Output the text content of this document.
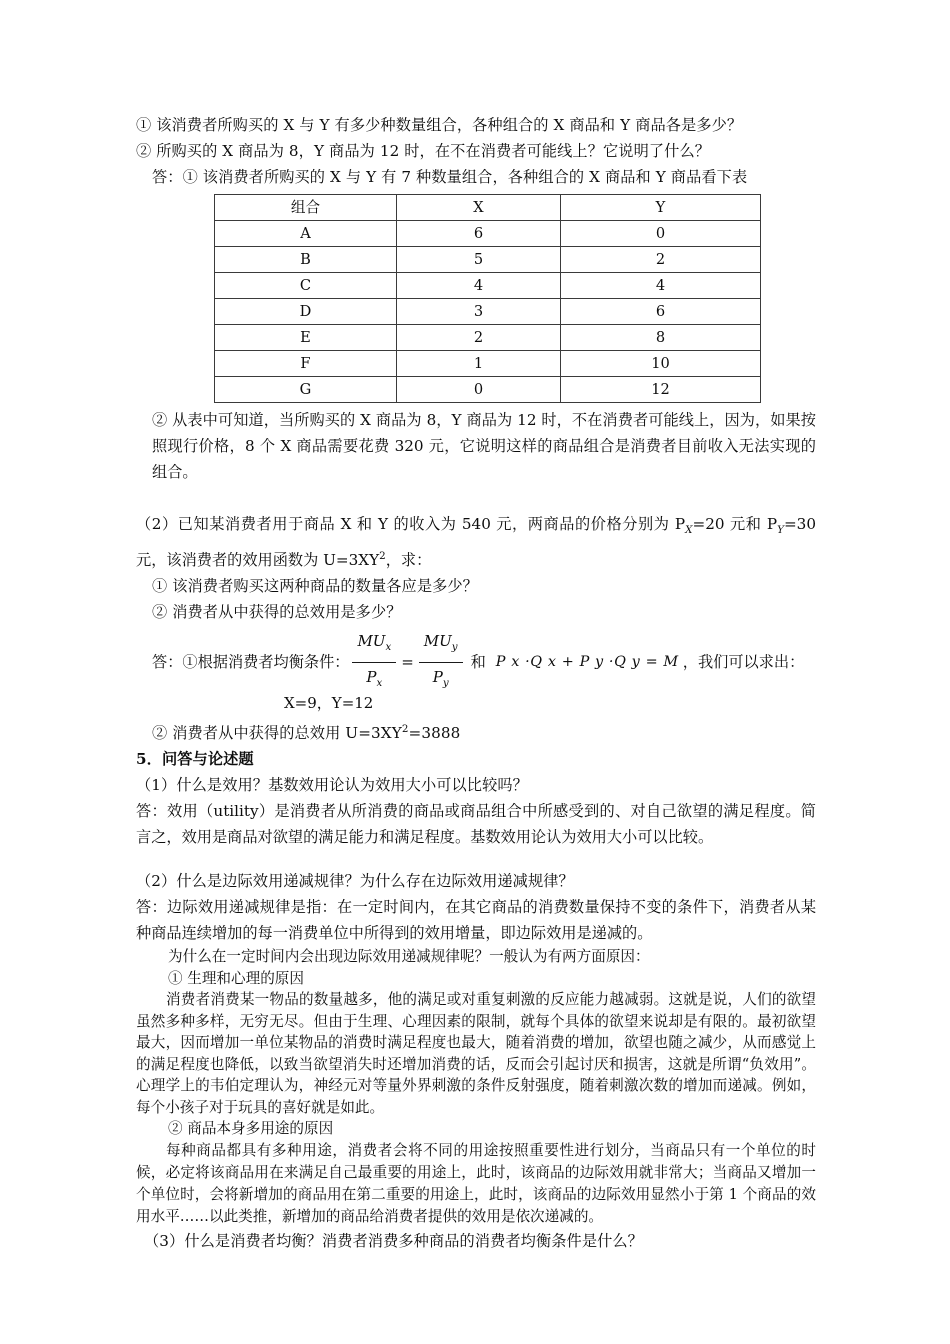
① 该消费者所购买的 X 与 Y 有多少种数量组合，各种组合的 X 商品和 Y 商品各是多少？
② 所购买的 X 商品为 8，Y 商品为 12 时，在不在消费者可能线上？它说明了什么？
答：① 该消费者所购买的 X 与 Y 有 7 种数量组合，各种组合的 X 商品和 Y 商品看下表
组合	X	Y
A	6	0
B	5	2
C	4	4
D	3	6
E	2	8
F	1	10
G	0	12
② 从表中可知道，当所购买的 X 商品为 8，Y 商品为 12 时，不在消费者可能线上，因为，如果按照现行价格，8 个 X 商品需要花费 320 元，它说明这样的商品组合是消费者目前收入无法实现的组合。
（2）已知某消费者用于商品 X 和 Y 的收入为 540 元，两商品的价格分别为 $P_X=20$ 元和 $P_Y=30$元，该消费者的效用函数为 $U=3XY^2$，求：
① 该消费者购买这两种商品的数量各应是多少？
② 消费者从中获得的总效用是多少？
答：①根据消费者均衡条件： $\frac{MU_x}{P_x} = \frac{MU_y}{P_y}$ 和 P x ·Q x + P y ·Q y = M ，我们可以求出：
X=9，Y=12
② 消费者从中获得的总效用 $U=3XY^2=3888$
5．问答与论述题
（1）什么是效用？基数效用论认为效用大小可以比较吗？
答：效用（utility）是消费者从所消费的商品或商品组合中所感受到的、对自己欲望的满足程度。简言之，效用是商品对欲望的满足能力和满足程度。基数效用论认为效用大小可以比较。
（2）什么是边际效用递减规律？为什么存在边际效用递减规律？
答：边际效用递减规律是指：在一定时间内，在其它商品的消费数量保持不变的条件下，消费者从某种商品连续增加的每一消费单位中所得到的效用增量，即边际效用是递减的。
为什么在一定时间内会出现边际效用递减规律呢？一般认为有两方面原因：
① 生理和心理的原因
消费者消费某一物品的数量越多，他的满足或对重复刺激的反应能力越减弱。这就是说，人们的欲望虽然多种多样，无穷无尽。但由于生理、心理因素的限制，就每个具体的欲望来说却是有限的。最初欲望最大，因而增加一单位某物品的消费时满足程度也最大，随着消费的增加，欲望也随之减少，从而感觉上的满足程度也降低，以致当欲望消失时还增加消费的话，反而会引起讨厌和损害，这就是所谓“负效用”。心理学上的韦伯定理认为，神经元对等量外界刺激的条件反射强度，随着刺激次数的增加而递减。例如，每个小孩子对于玩具的喜好就是如此。
② 商品本身多用途的原因
每种商品都具有多种用途，消费者会将不同的用途按照重要性进行划分，当商品只有一个单位的时候，必定将该商品用在来满足自己最重要的用途上，此时，该商品的边际效用就非常大；当商品又增加一个单位时，会将新增加的商品用在第二重要的用途上，此时，该商品的边际效用显然小于第 1 个商品的效用水平……以此类推，新增加的商品给消费者提供的效用是依次递减的。
（3）什么是消费者均衡？消费者消费多种商品的消费者均衡条件是什么？
